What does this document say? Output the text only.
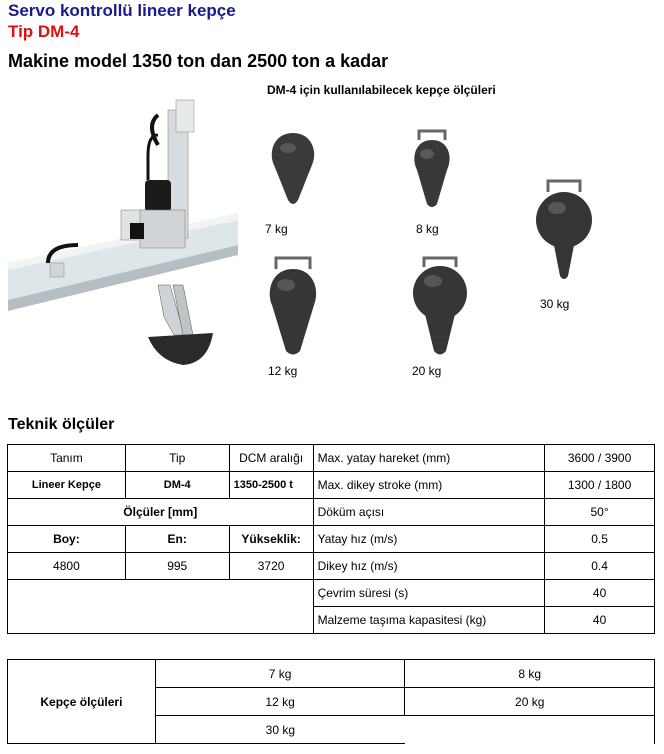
Servo kontrollü lineer kepçe
Tip DM-4
Makine model 1350 ton dan 2500 ton a kadar
DM-4 için kullanılabilecek kepçe ölçüleri
7 kg	8 kg
30 kg
12 kg	20 kg
Teknik ölçüler
Tanım	Tip	DCM aralığı	Max. yatay hareket (mm)	3600 / 3900
Lineer Kepçe	DM-4	1350-2500 t	Max. dikey stroke (mm)	1300 / 1800
Ölçüler [mm]			Döküm açısı	50°
Boy:	En:	Yükseklik:	Yatay hız (m/s)	0.5
4800	995	3720	Dikey hız (m/s)	0.4
			Çevrim süresi (s)	40
			Malzeme taşıma kapasitesi (kg)	40
Kepçe ölçüleri	7 kg	8 kg
	12 kg	20 kg
	30 kg	
